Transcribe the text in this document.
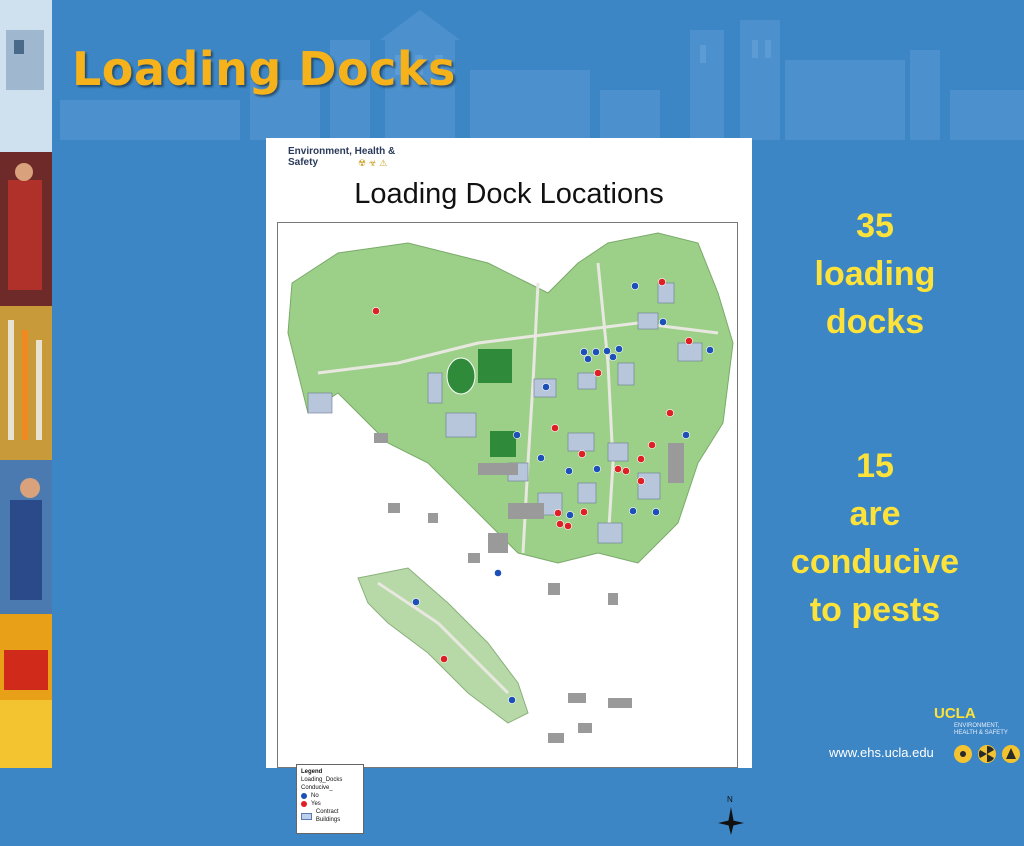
Loading Docks
Environment, Health & Safety	☢ ☣ ⚠
Loading Dock Locations
Legend
Loading_Docks
Conducive_
No
Yes
Contract Buildings
N
35
loading
docks
15
are
conducive
to pests
UCLA
ENVIRONMENT, HEALTH & SAFETY
www.ehs.ucla.edu
